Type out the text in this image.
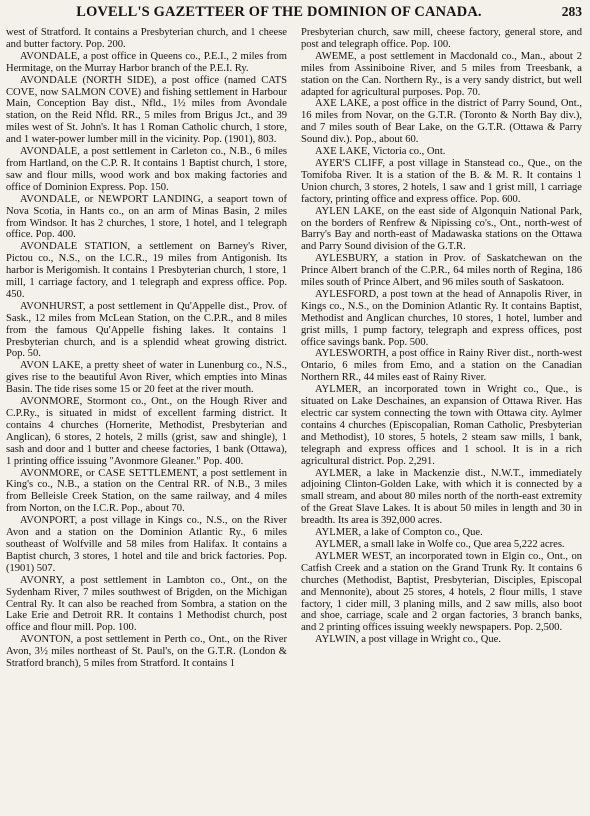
LOVELL'S GAZETTEER OF THE DOMINION OF CANADA.	283

west of Stratford. It contains a Presbyterian church, and 1 cheese and butter factory. Pop. 200.

AVONDALE, a post office in Queens co., P.E.I., 2 miles from Hermitage, on the Murray Harbor branch of the P.E.I. Ry.

AVONDALE (NORTH SIDE), a post office (named CATS COVE, now SALMON COVE) and fishing settlement in Harbour Main, Conception Bay dist., Nfld., 1½ miles from Avondale station, on the Reid Nfld. RR., 5 miles from Brigus Jct., and 39 miles west of St. John's. It has 1 Roman Catholic church, 1 store, and 1 water-power lumber mill in the vicinity. Pop. (1901), 803.

AVONDALE, a post settlement in Carleton co., N.B., 6 miles from Hartland, on the C.P. R. It contains 1 Baptist church, 1 store, saw and flour mills, wood work and box making factories and office of Dominion Express. Pop. 150.

AVONDALE, or NEWPORT LANDING, a seaport town of Nova Scotia, in Hants co., on an arm of Minas Basin, 2 miles from Windsor. It has 2 churches, 1 store, 1 hotel, and 1 telegraph office. Pop. 400.

AVONDALE STATION, a settlement on Barney's River, Pictou co., N.S., on the I.C.R., 19 miles from Antigonish. Its harbor is Merigomish. It contains 1 Presbyterian church, 1 store, 1 mill, 1 carriage factory, and 1 telegraph and express office. Pop. 450.

AVONHURST, a post settlement in Qu'Appelle dist., Prov. of Sask., 12 miles from McLean Station, on the C.P.R., and 8 miles from the famous Qu'Appelle fishing lakes. It contains 1 Presbyterian church, and is a splendid wheat growing district. Pop. 50.

AVON LAKE, a pretty sheet of water in Lunenburg co., N.S., gives rise to the beautiful Avon River, which empties into Minas Basin. The tide rises some 15 or 20 feet at the river mouth.

AVONMORE, Stormont co., Ont., on the Hough River and C.P.Ry., is situated in midst of excellent farming district. It contains 4 churches (Hornerite, Methodist, Presbyterian and Anglican), 6 stores, 2 hotels, 2 mills (grist, saw and shingle), 1 sash and door and 1 butter and cheese factories, 1 bank (Ottawa), 1 printing office issuing "Avonmore Gleaner." Pop. 400.

AVONMORE, or CASE SETTLEMENT, a post settlement in King's co., N.B., a station on the Central RR. of N.B., 3 miles from Belleisle Creek Station, on the same railway, and 4 miles from Norton, on the I.C.R. Pop., about 70.

AVONPORT, a post village in Kings co., N.S., on the River Avon and a station on the Dominion Atlantic Ry., 6 miles southeast of Wolfville and 58 miles from Halifax. It contains a Baptist church, 3 stores, 1 hotel and tile and brick factories. Pop. (1901) 507.

AVONRY, a post settlement in Lambton co., Ont., on the Sydenham River, 7 miles southwest of Brigden, on the Michigan Central Ry. It can also be reached from Sombra, a station on the Lake Erie and Detroit RR. It contains 1 Methodist church, post office and flour mill. Pop. 100.

AVONTON, a post settlement in Perth co., Ont., on the River Avon, 3½ miles northeast of St. Paul's, on the G.T.R. (London & Stratford branch), 5 miles from Stratford. It contains 1

Presbyterian church, saw mill, cheese factory, general store, and post and telegraph office. Pop. 100.

AWEME, a post settlement in Macdonald co., Man., about 2 miles from Assiniboine River, and 5 miles from Treesbank, a station on the Can. Northern Ry., is a very sandy district, but well adapted for agricultural purposes. Pop. 70.

AXE LAKE, a post office in the district of Parry Sound, Ont., 16 miles from Novar, on the G.T.R. (Toronto & North Bay div.), and 7 miles south of Bear Lake, on the G.T.R. (Ottawa & Parry Sound div.). Pop., about 60.

AXE LAKE, Victoria co., Ont.

AYER'S CLIFF, a post village in Stanstead co., Que., on the Tomifoba River. It is a station of the B. & M. R. It contains 1 Union church, 3 stores, 2 hotels, 1 saw and 1 grist mill, 1 carriage factory, printing office and express office. Pop. 600.

AYLEN LAKE, on the east side of Algonquin National Park, on the borders of Renfrew & Nipissing co's., Ont., north-west of Barry's Bay and north-east of Madawaska stations on the Ottawa and Parry Sound division of the G.T.R.

AYLESBURY, a station in Prov. of Saskatchewan on the Prince Albert branch of the C.P.R., 64 miles north of Regina, 186 miles south of Prince Albert, and 96 miles south of Saskatoon.

AYLESFORD, a post town at the head of Annapolis River, in Kings co., N.S., on the Dominion Atlantic Ry. It contains Baptist, Methodist and Anglican churches, 10 stores, 1 hotel, lumber and grist mills, 1 pump factory, telegraph and express offices, post office savings bank. Pop. 500.

AYLESWORTH, a post office in Rainy River dist., north-west Ontario, 6 miles from Emo, and a station on the Canadian Northern RR., 44 miles east of Rainy River.

AYLMER, an incorporated town in Wright co., Que., is situated on Lake Deschaines, an expansion of Ottawa River. Has electric car system connecting the town with Ottawa city. Aylmer contains 4 churches (Episcopalian, Roman Catholic, Presbyterian and Methodist), 10 stores, 5 hotels, 2 steam saw mills, 1 bank, telegraph and express offices and 1 school. It is in a rich agricultural district. Pop. 2,291.

AYLMER, a lake in Mackenzie dist., N.W.T., immediately adjoining Clinton-Golden Lake, with which it is connected by a small stream, and about 80 miles north of the north-east extremity of the Great Slave Lakes. It is about 50 miles in length and 30 in breadth. Its area is 392,000 acres.

AYLMER, a lake of Compton co., Que.

AYLMER, a small lake in Wolfe co., Que area 5,222 acres.

AYLMER WEST, an incorporated town in Elgin co., Ont., on Catfish Creek and a station on the Grand Trunk Ry. It contains 6 churches (Methodist, Baptist, Presbyterian, Disciples, Episcopal and Mennonite), about 25 stores, 4 hotels, 2 flour mills, 1 stave factory, 1 cider mill, 3 planing mills, and 2 saw mills, also boot and shoe, carriage, scale and 2 organ factories, 3 branch banks, and 2 printing offices issuing weekly newspapers. Pop. 2,500.

AYLWIN, a post village in Wright co., Que.
